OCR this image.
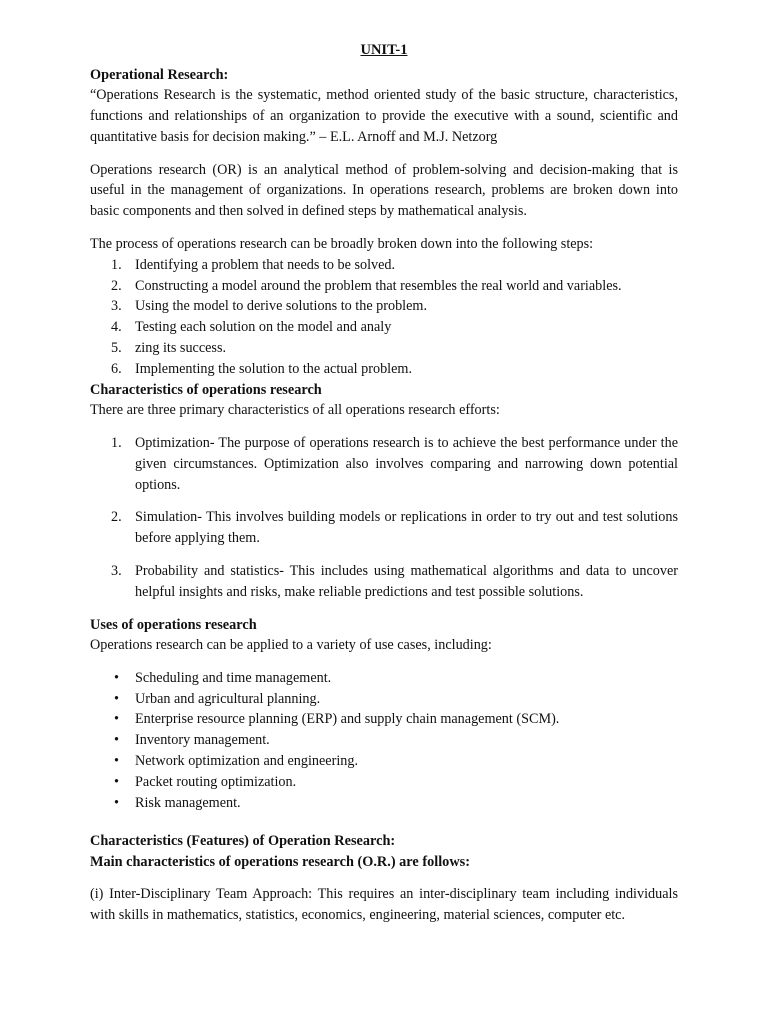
UNIT-1
Operational Research:

“Operations Research is the systematic, method oriented study of the basic structure, characteristics, functions and relationships of an organization to provide the executive with a sound, scientific and quantitative basis for decision making.” – E.L. Arnoff and M.J. Netzorg

Operations research (OR) is an analytical method of problem-solving and decision-making that is useful in the management of organizations. In operations research, problems are broken down into basic components and then solved in defined steps by mathematical analysis.

The process of operations research can be broadly broken down into the following steps:

1. Identifying a problem that needs to be solved.
2. Constructing a model around the problem that resembles the real world and variables.
3. Using the model to derive solutions to the problem.
4. Testing each solution on the model and analy
5. zing its success.
6. Implementing the solution to the actual problem.
Characteristics of operations research

There are three primary characteristics of all operations research efforts:

1. Optimization- The purpose of operations research is to achieve the best performance under the given circumstances. Optimization also involves comparing and narrowing down potential options.
2. Simulation- This involves building models or replications in order to try out and test solutions before applying them.
3. Probability and statistics- This includes using mathematical algorithms and data to uncover helpful insights and risks, make reliable predictions and test possible solutions.
Uses of operations research

Operations research can be applied to a variety of use cases, including:

• Scheduling and time management.
• Urban and agricultural planning.
• Enterprise resource planning (ERP) and supply chain management (SCM).
• Inventory management.
• Network optimization and engineering.
• Packet routing optimization.
• Risk management.
Characteristics (Features) of Operation Research:
Main characteristics of operations research (O.R.) are follows:

(i) Inter-Disciplinary Team Approach: This requires an inter-disciplinary team including individuals with skills in mathematics, statistics, economics, engineering, material sciences, computer etc.
